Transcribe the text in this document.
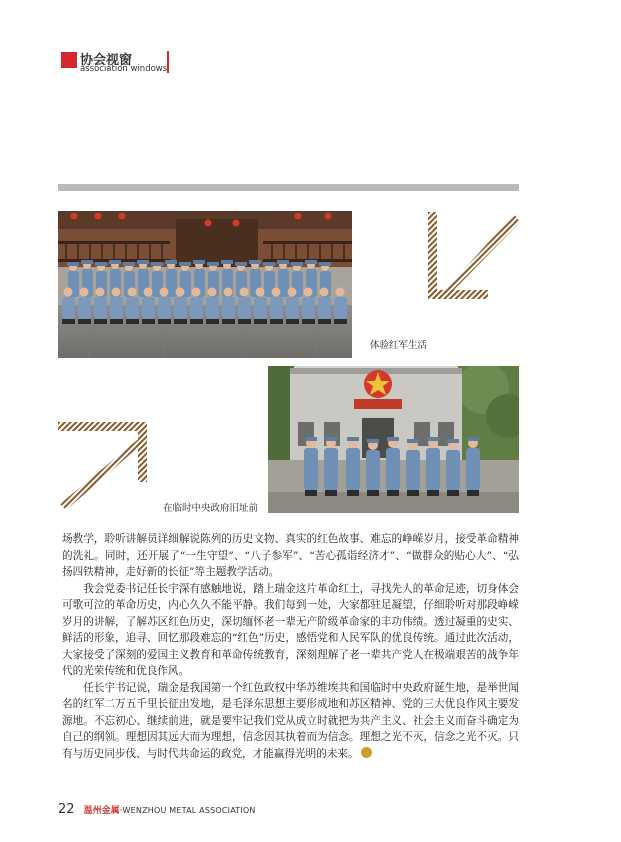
协会视窗
association windows
体验红军生活
在临时中央政府旧址前

场教学，聆听讲解员详细解说陈列的历史文物、真实的红色故事、难忘的峥嵘岁月，接受革命精神的洗礼。同时，还开展了“一生守望”、“八子参军”、“苦心孤诣经济才”、“做群众的贴心人”、“弘扬四铁精神，走好新的长征”等主题教学活动。

我会党委书记任长宇深有感触地说，踏上瑞金这片革命红土，寻找先人的革命足迹，切身体会可歌可泣的革命历史，内心久久不能平静。我们每到一处，大家都驻足凝望，仔细聆听对那段峥嵘岁月的讲解，了解苏区红色历史，深切缅怀老一辈无产阶级革命家的丰功伟绩。透过凝重的史实、鲜活的形象，追寻、回忆那段难忘的“红色”历史，感悟党和人民军队的优良传统。通过此次活动，大家接受了深刻的爱国主义教育和革命传统教育，深刻理解了老一辈共产党人在极端艰苦的战争年代的光荣传统和优良作风。

任长宇书记说，瑞金是我国第一个红色政权中华苏维埃共和国临时中央政府诞生地，是举世闻名的红军二万五千里长征出发地，是毛泽东思想主要形成地和苏区精神、党的三大优良作风主要发源地。不忘初心、继续前进，就是要牢记我们党从成立时就把为共产主义、社会主义而奋斗确定为自己的纲领。理想因其远大而为理想，信念因其执着而为信念。理想之光不灭，信念之光不灭。只有与历史同步伐、与时代共命运的政党，才能赢得光明的未来。

22 温州金属·WENZHOU METAL ASSOCIATION
